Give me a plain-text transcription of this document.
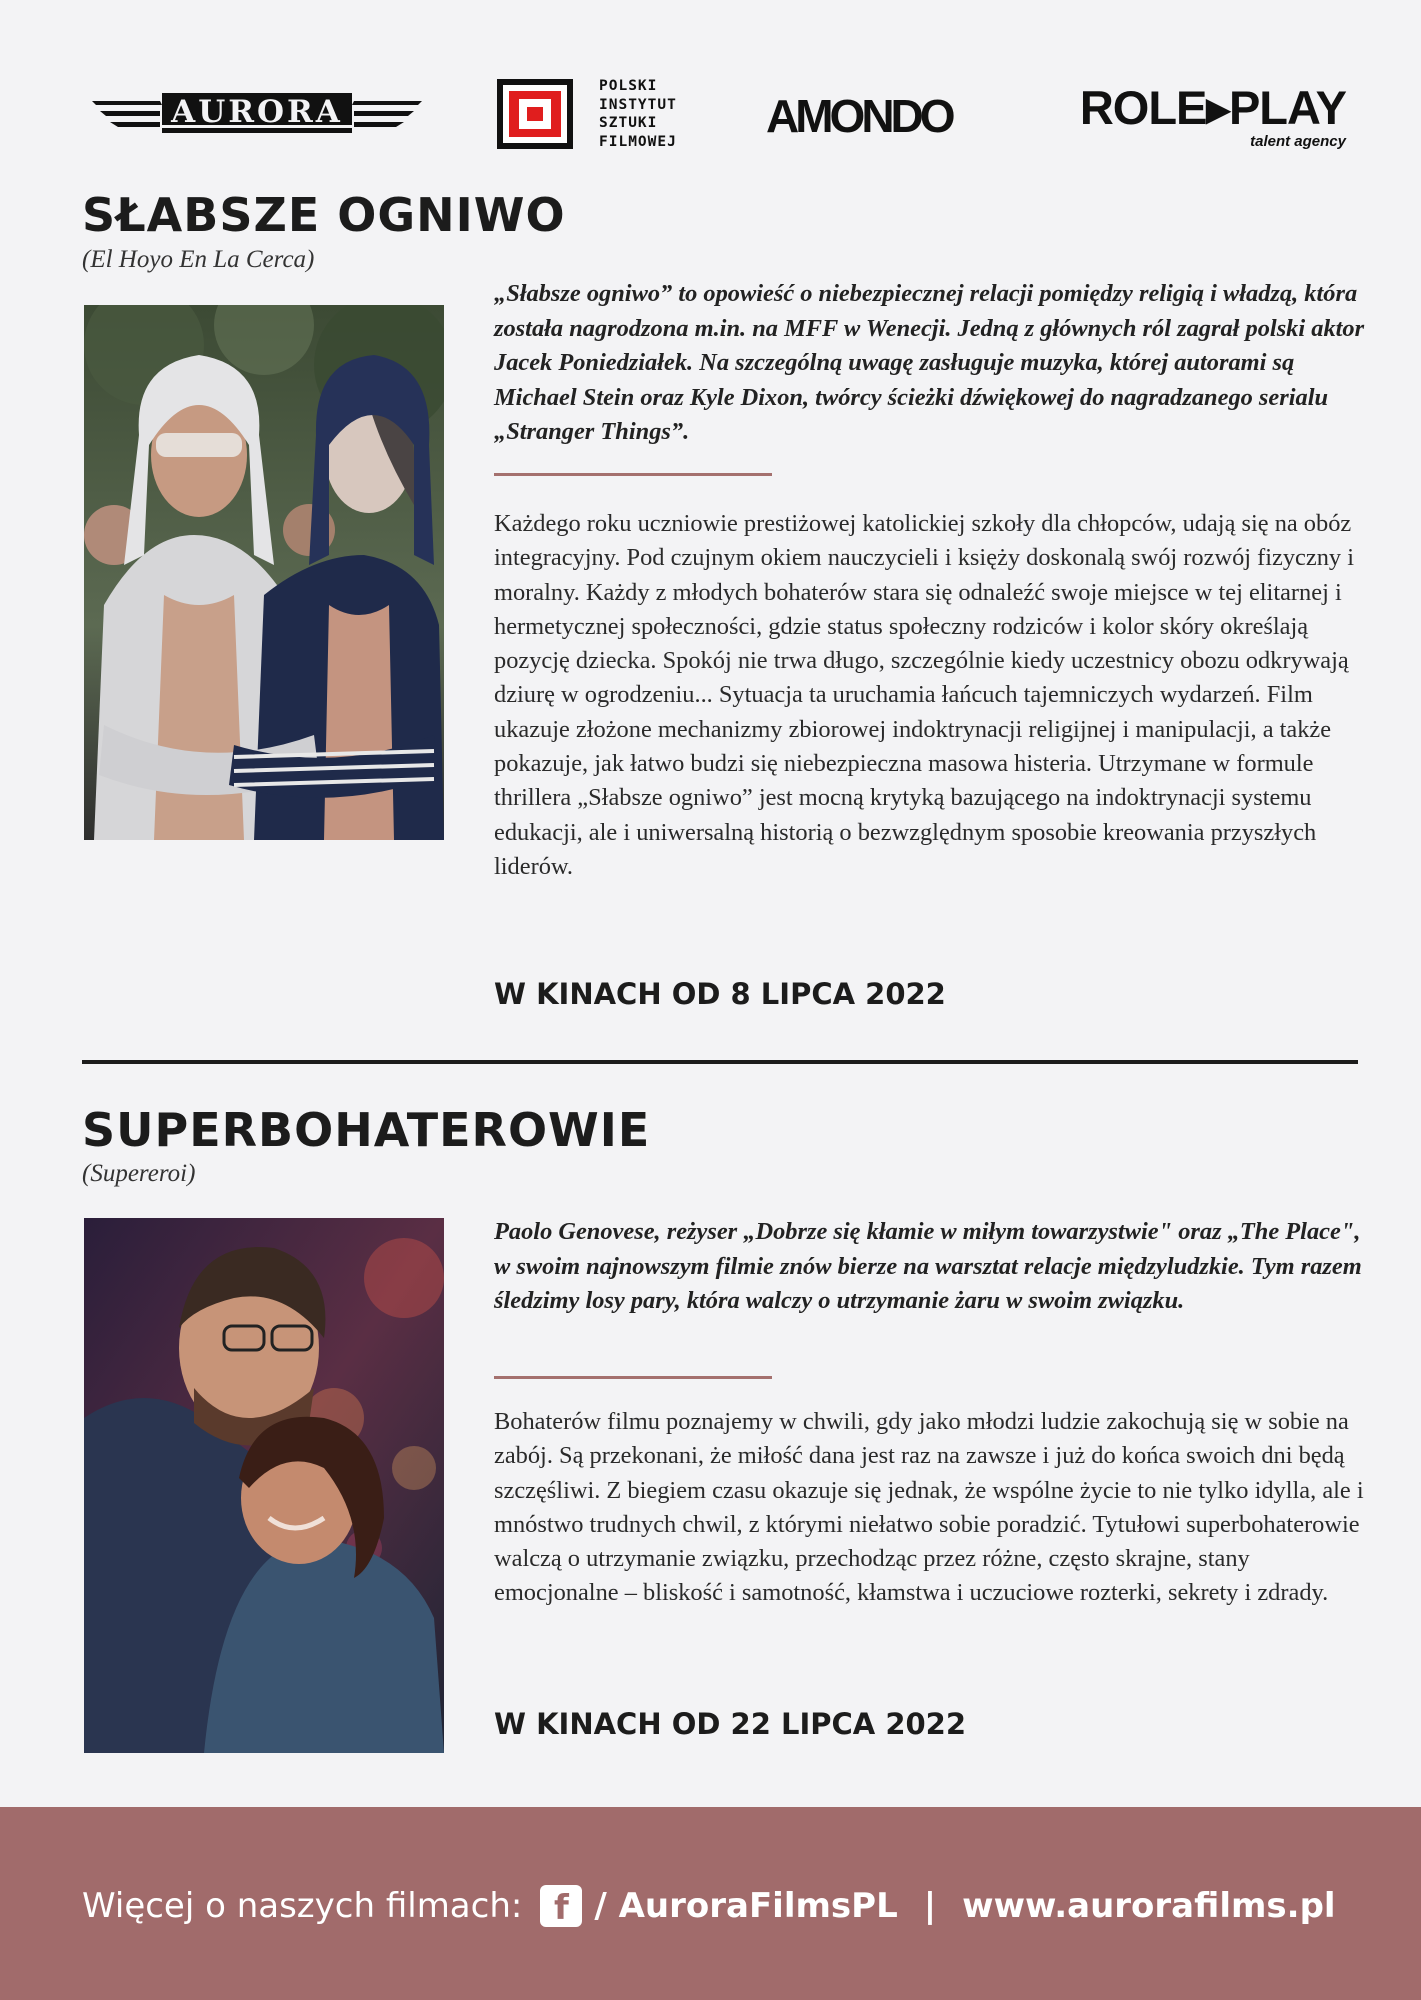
AURORA
POLSKI
INSTYTUT
SZTUKI
FILMOWEJ AMONDO	ROLE▸PLAY
talent agency
SŁABSZE OGNIWO
(El Hoyo En La Cerca)

„Słabsze ogniwo” to opowieść o niebezpiecznej relacji pomiędzy religią i władzą, która została nagrodzona m.in. na MFF w Wenecji. Jedną z głównych ról zagrał polski aktor Jacek Poniedziałek. Na szczególną uwagę zasługuje muzyka, której autorami są Michael Stein oraz Kyle Dixon, twórcy ścieżki dźwiękowej do nagradzanego serialu „Stranger Things”.

Każdego roku uczniowie prestiżowej katolickiej szkoły dla chłopców, udają się na obóz integracyjny. Pod czujnym okiem nauczycieli i księży doskonalą swój rozwój fizyczny i moralny. Każdy z młodych bohaterów stara się odnaleźć swoje miejsce w tej elitarnej i hermetycznej społeczności, gdzie status społeczny rodziców i kolor skóry określają pozycję dziecka. Spokój nie trwa długo, szczególnie kiedy uczestnicy obozu odkrywają dziurę w ogrodzeniu... Sytuacja ta uruchamia łańcuch tajemniczych wydarzeń. Film ukazuje złożone mechanizmy zbiorowej indoktrynacji religijnej i manipulacji, a także pokazuje, jak łatwo budzi się niebezpieczna masowa histeria. Utrzymane w formule thrillera „Słabsze ogniwo” jest mocną krytyką bazującego na indoktrynacji systemu edukacji, ale i uniwersalną historią o bezwzględnym sposobie kreowania przyszłych liderów.

W KINACH OD 8 LIPCA 2022
SUPERBOHATEROWIE
(Supereroi)

Paolo Genovese, reżyser „Dobrze się kłamie w miłym towarzystwie" oraz „The Place", w swoim najnowszym filmie znów bierze na warsztat relacje międzyludzkie. Tym razem śledzimy losy pary, która walczy o utrzymanie żaru w swoim związku.

Bohaterów filmu poznajemy w chwili, gdy jako młodzi ludzie zakochują się w sobie na zabój. Są przekonani, że miłość dana jest raz na zawsze i już do końca swoich dni będą szczęśliwi. Z biegiem czasu okazuje się jednak, że wspólne życie to nie tylko idylla, ale i mnóstwo trudnych chwil, z którymi niełatwo sobie poradzić. Tytułowi superbohaterowie walczą o utrzymanie związku, przechodząc przez różne, często skrajne, stany emocjonalne – bliskość i samotność, kłamstwa i uczuciowe rozterki, sekrety i zdrady.

W KINACH OD 22 LIPCA 2022
Więcej o naszych filmach: f / AuroraFilmsPL | www.aurorafilms.pl
